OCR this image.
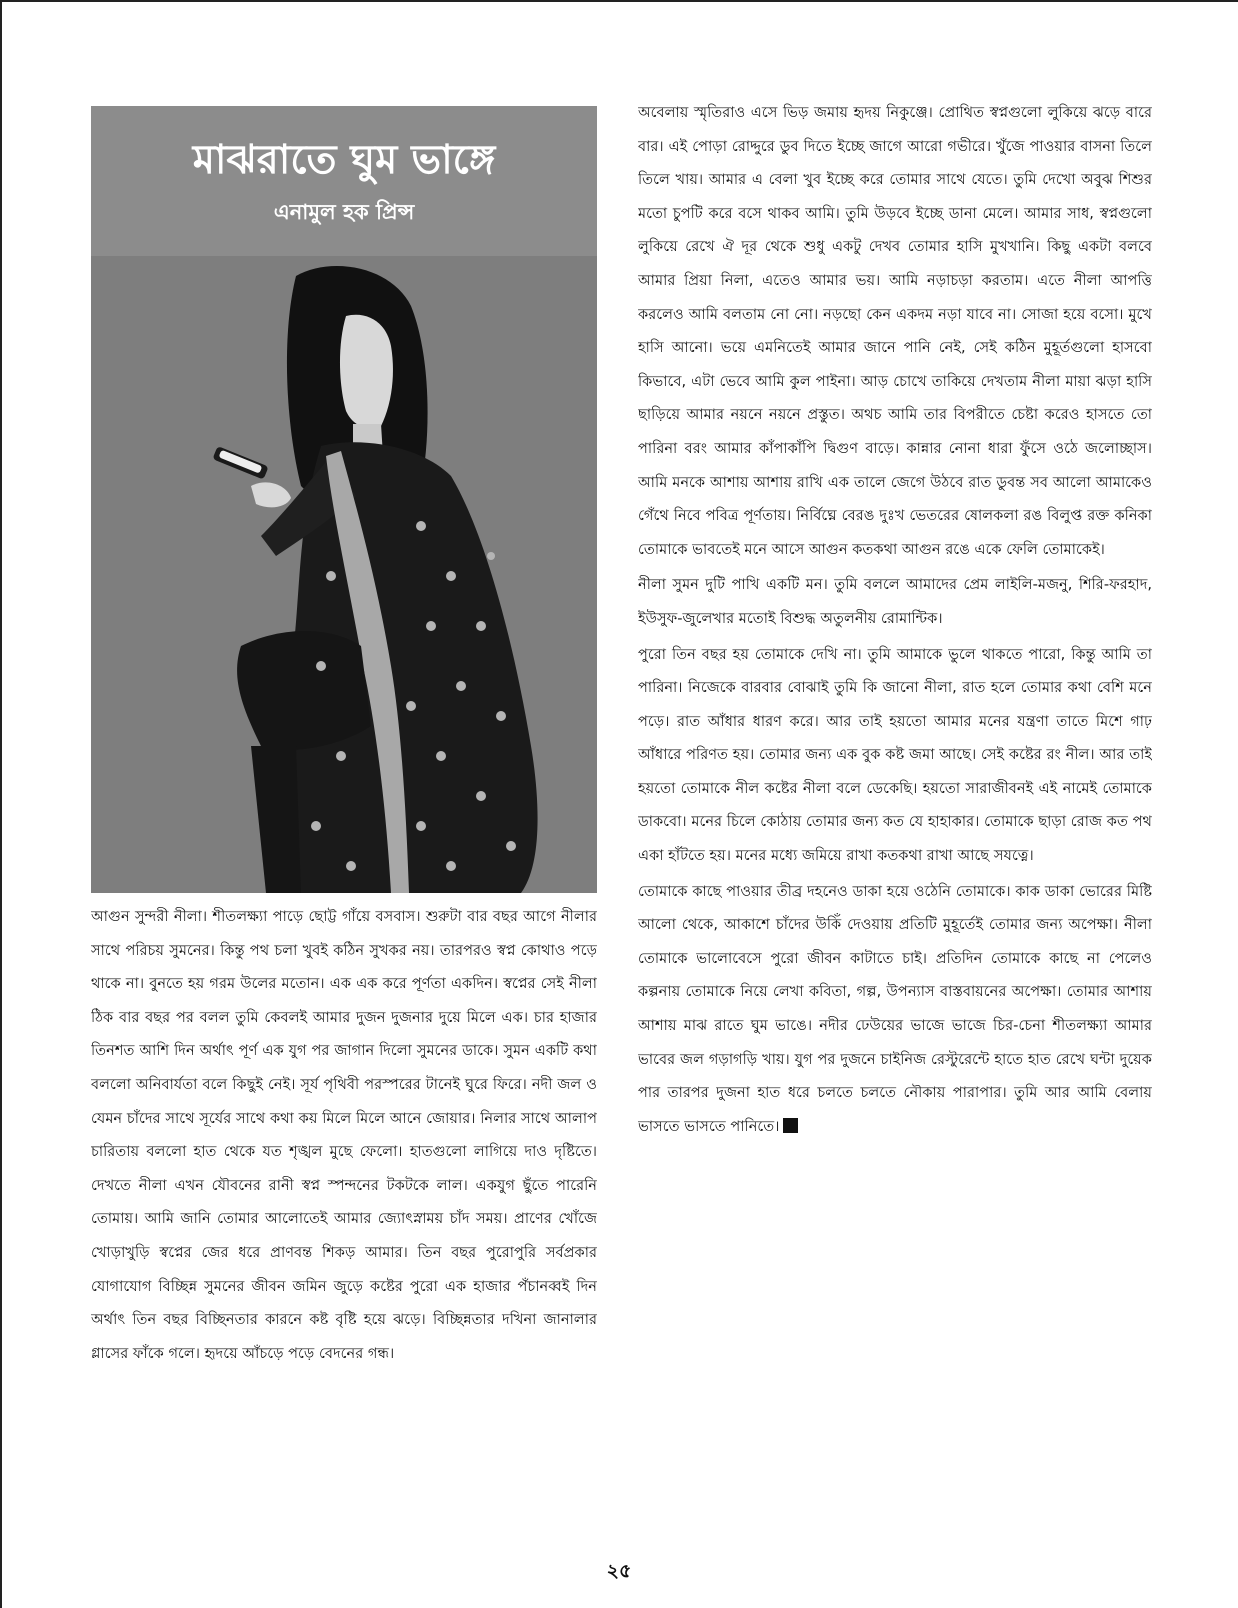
মাঝরাতে ঘুম ভাঙ্গে
এনামুল হক প্রিন্স

আগুন সুন্দরী নীলা। শীতলক্ষ্যা পাড়ে ছোট্ট গাঁয়ে বসবাস। শুরুটা বার বছর আগে নীলার সাথে পরিচয় সুমনের। কিন্তু পথ চলা খুবই কঠিন সুখকর নয়। তারপরও স্বপ্ন কোথাও পড়ে থাকে না। বুনতে হয় গরম উলের মতোন। এক এক করে পূর্ণতা একদিন। স্বপ্নের সেই নীলা ঠিক বার বছর পর বলল তুমি কেবলই আমার দুজন দুজনার দুয়ে মিলে এক। চার হাজার তিনশত আশি দিন অর্থাৎ পূর্ণ এক যুগ পর জাগান দিলো সুমনের ডাকে। সুমন একটি কথা বললো অনিবার্যতা বলে কিছুই নেই। সূর্য পৃথিবী পরস্পরের টানেই ঘুরে ফিরে। নদী জল ও যেমন চাঁদের সাথে সূর্যের সাথে কথা কয় মিলে মিলে আনে জোয়ার। নিলার সাথে আলাপ চারিতায় বললো হাত থেকে যত শৃঙ্খল মুছে ফেলো। হাতগুলো লাগিয়ে দাও দৃষ্টিতে। দেখতে নীলা এখন যৌবনের রানী স্বপ্ন স্পন্দনের টকটকে লাল। একযুগ ছুঁতে পারেনি তোমায়। আমি জানি তোমার আলোতেই আমার জ্যোৎস্নাময় চাঁদ সময়। প্রাণের খোঁজে খোড়াখুড়ি স্বপ্নের জের ধরে প্রাণবন্ত শিকড় আমার। তিন বছর পুরোপুরি সর্বপ্রকার যোগাযোগ বিচ্ছিন্ন সুমনের জীবন জমিন জুড়ে কষ্টের পুরো এক হাজার পঁচানব্বই দিন অর্থাৎ তিন বছর বিচ্ছিনতার কারনে কষ্ট বৃষ্টি হয়ে ঝড়ে। বিচ্ছিন্নতার দখিনা জানালার গ্লাসের ফাঁকে গলে। হৃদয়ে আঁচড়ে পড়ে বেদনের গন্ধ।

অবেলায় স্মৃতিরাও এসে ভিড় জমায় হৃদয় নিকুঞ্জে। প্রোথিত স্বপ্নগুলো লুকিয়ে ঝড়ে বারে বার। এই পোড়া রোদ্দুরে ডুব দিতে ইচ্ছে জাগে আরো গভীরে। খুঁজে পাওয়ার বাসনা তিলে তিলে খায়। আমার এ বেলা খুব ইচ্ছে করে তোমার সাথে যেতে। তুমি দেখো অবুঝ শিশুর মতো চুপটি করে বসে থাকব আমি। তুমি উড়বে ইচ্ছে ডানা মেলে। আমার সাধ, স্বপ্নগুলো লুকিয়ে রেখে ঐ দূর থেকে শুধু একটু দেখব তোমার হাসি মুখখানি। কিছু একটা বলবে আমার প্রিয়া নিলা, এতেও আমার ভয়। আমি নড়াচড়া করতাম। এতে নীলা আপত্তি করলেও আমি বলতাম নো নো। নড়ছো কেন একদম নড়া যাবে না। সোজা হয়ে বসো। মুখে হাসি আনো। ভয়ে এমনিতেই আমার জানে পানি নেই, সেই কঠিন মুহূর্তগুলো হাসবো কিভাবে, এটা ভেবে আমি কুল পাইনা। আড় চোখে তাকিয়ে দেখতাম নীলা মায়া ঝড়া হাসি ছাড়িয়ে আমার নয়নে নয়নে প্রস্তুত। অথচ আমি তার বিপরীতে চেষ্টা করেও হাসতে তো পারিনা বরং আমার কাঁপাকাঁপি দ্বিগুণ বাড়ে। কান্নার নোনা ধারা ফুঁসে ওঠে জলোচ্ছাস। আমি মনকে আশায় আশায় রাখি এক তালে জেগে উঠবে রাত ডুবন্ত সব আলো আমাকেও গেঁথে নিবে পবিত্র পূর্ণতায়। নির্বিঘ্নে বেরঙ দুঃখ ভেতরের ষোলকলা রঙ বিলুপ্ত রক্ত কনিকা তোমাকে ভাবতেই মনে আসে আগুন কতকথা আগুন রঙে একে ফেলি তোমাকেই।

নীলা সুমন দুটি পাখি একটি মন। তুমি বললে আমাদের প্রেম লাইলি-মজনু, শিরি-ফরহাদ, ইউসুফ-জুলেখার মতোই বিশুদ্ধ অতুলনীয় রোমান্টিক।

পুরো তিন বছর হয় তোমাকে দেখি না। তুমি আমাকে ভুলে থাকতে পারো, কিন্তু আমি তা পারিনা। নিজেকে বারবার বোঝাই তুমি কি জানো নীলা, রাত হলে তোমার কথা বেশি মনে পড়ে। রাত আঁধার ধারণ করে। আর তাই হয়তো আমার মনের যন্ত্রণা তাতে মিশে গাঢ় আঁধারে পরিণত হয়। তোমার জন্য এক বুক কষ্ট জমা আছে। সেই কষ্টের রং নীল। আর তাই হয়তো তোমাকে নীল কষ্টের নীলা বলে ডেকেছি। হয়তো সারাজীবনই এই নামেই তোমাকে ডাকবো। মনের চিলে কোঠায় তোমার জন্য কত যে হাহাকার। তোমাকে ছাড়া রোজ কত পথ একা হাঁটতে হয়। মনের মধ্যে জমিয়ে রাখা কতকথা রাখা আছে সযত্নে।

তোমাকে কাছে পাওয়ার তীব্র দহনেও ডাকা হয়ে ওঠেনি তোমাকে। কাক ডাকা ভোরের মিষ্টি আলো থেকে, আকাশে চাঁদের উকিঁ দেওয়ায় প্রতিটি মুহূর্তেই তোমার জন্য অপেক্ষা। নীলা তোমাকে ভালোবেসে পুরো জীবন কাটাতে চাই। প্রতিদিন তোমাকে কাছে না পেলেও কল্পনায় তোমাকে নিয়ে লেখা কবিতা, গল্প, উপন্যাস বাস্তবায়নের অপেক্ষা। তোমার আশায় আশায় মাঝ রাতে ঘুম ভাঙে। নদীর ঢেউয়ের ভাজে ভাজে চির-চেনা শীতলক্ষ্যা আমার ভাবের জল গড়াগড়ি খায়। যুগ পর দুজনে চাইনিজ রেস্টুরেন্টে হাতে হাত রেখে ঘন্টা দুয়েক পার তারপর দুজনা হাত ধরে চলতে চলতে নৌকায় পারাপার। তুমি আর আমি বেলায় ভাসতে ভাসতে পানিতে।

২৫
